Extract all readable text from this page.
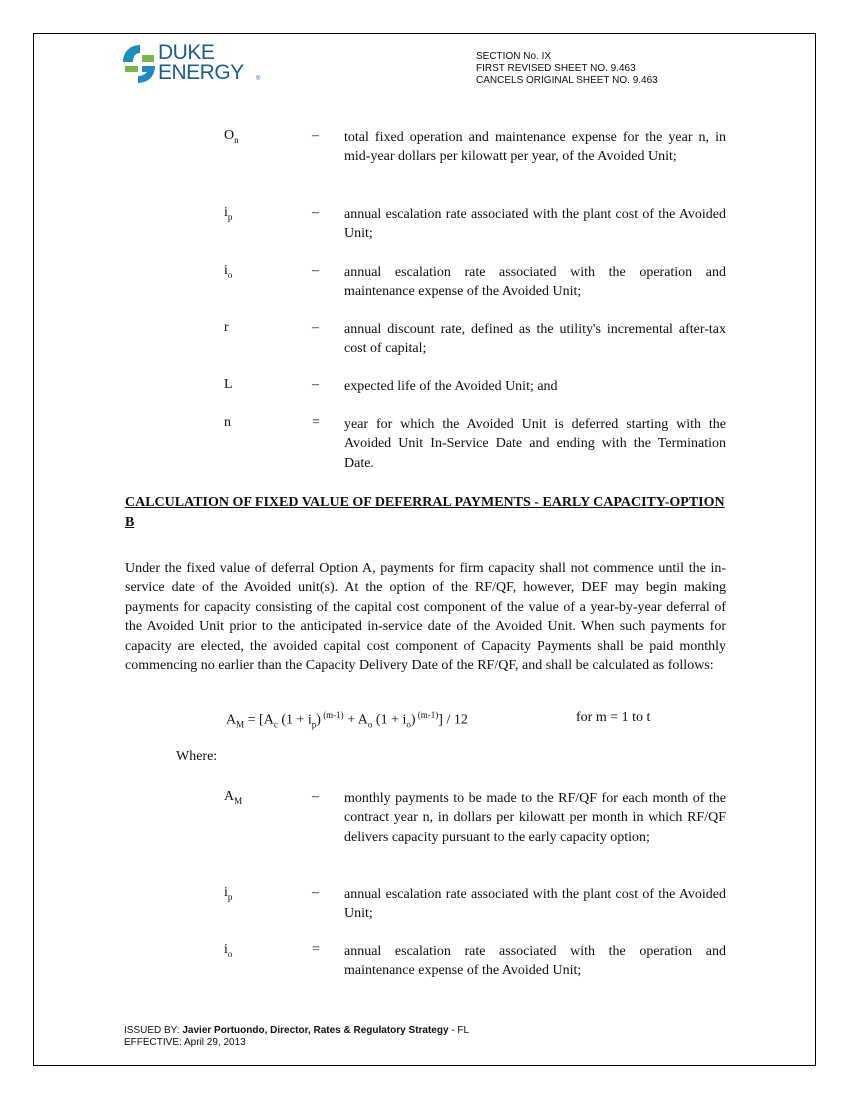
DUKE
ENERGY ®
SECTION No. IX
FIRST REVISED SHEET NO. 9.463
CANCELS ORIGINAL SHEET NO. 9.463
$O_n$	– total fixed operation and maintenance expense for the year n, in mid-year dollars per kilowatt per year, of the Avoided Unit;
$i_p$	– annual escalation rate associated with the plant cost of the Avoided Unit;
$i_o$	– annual escalation rate associated with the operation and maintenance expense of the Avoided Unit;
r	– annual discount rate, defined as the utility's incremental after-tax cost of capital;
L	– expected life of the Avoided Unit; and
n	= year for which the Avoided Unit is deferred starting with the Avoided Unit In-Service Date and ending with the Termination Date.
CALCULATION OF FIXED VALUE OF DEFERRAL PAYMENTS - EARLY CAPACITY-OPTION B
Under the fixed value of deferral Option A, payments for firm capacity shall not commence until the in-service date of the Avoided unit(s). At the option of the RF/QF, however, DEF may begin making payments for capacity consisting of the capital cost component of the value of a year-by-year deferral of the Avoided Unit prior to the anticipated in-service date of the Avoided Unit. When such payments for capacity are elected, the avoided capital cost component of Capacity Payments shall be paid monthly commencing no earlier than the Capacity Delivery Date of the RF/QF, and shall be calculated as follows:
$A_M = [A_c$ $(1 + i_p)$ $^{(m-1)} + A_o$ $(1 + i_o)$ $^{(m-1)}$] / 12	for m = 1 to t
Where:
$A_M$	– monthly payments to be made to the RF/QF for each month of the contract year n, in dollars per kilowatt per month in which RF/QF delivers capacity pursuant to the early capacity option;
$i_p$	– annual escalation rate associated with the plant cost of the Avoided Unit;
$i_o$	= annual escalation rate associated with the operation and maintenance expense of the Avoided Unit;
ISSUED BY: Javier Portuondo, Director, Rates & Regulatory Strategy - FL
EFFECTIVE: April 29, 2013
